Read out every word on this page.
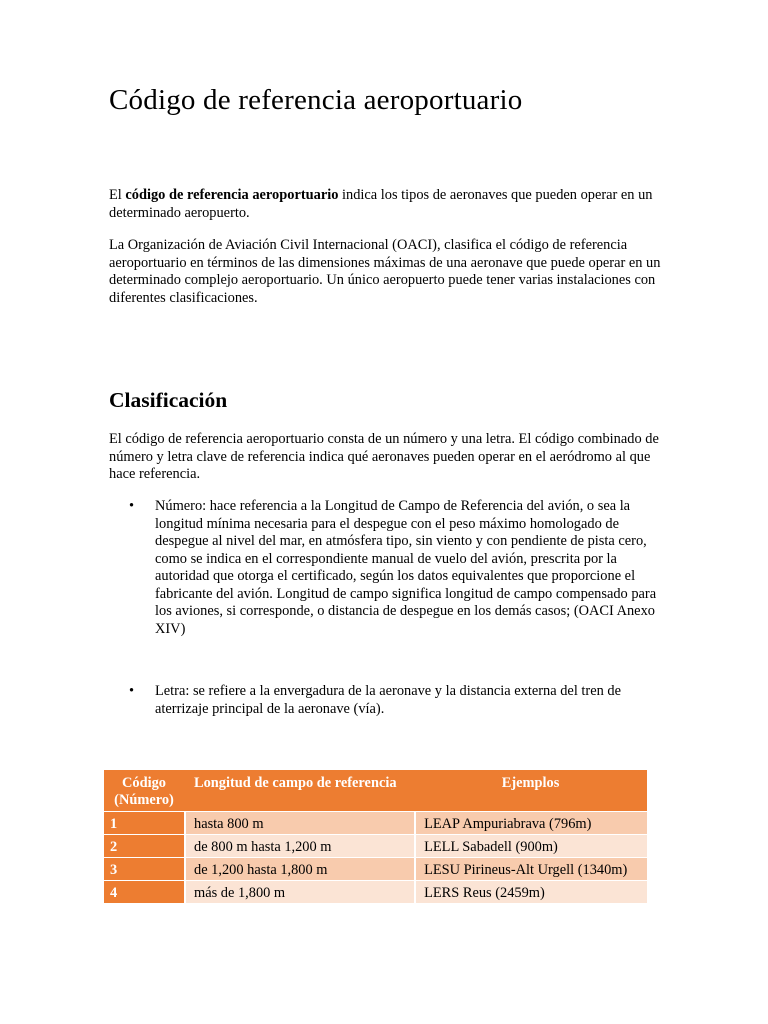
Código de referencia aeroportuario

El código de referencia aeroportuario indica los tipos de aeronaves que pueden operar en un determinado aeropuerto.

La Organización de Aviación Civil Internacional (OACI), clasifica el código de referencia aeroportuario en términos de las dimensiones máximas de una aeronave que puede operar en un determinado complejo aeroportuario. Un único aeropuerto puede tener varias instalaciones con diferentes clasificaciones.

Clasificación

El código de referencia aeroportuario consta de un número y una letra. El código combinado de número y letra clave de referencia indica qué aeronaves pueden operar en el aeródromo al que hace referencia.

• Número: hace referencia a la Longitud de Campo de Referencia del avión, o sea la longitud mínima necesaria para el despegue con el peso máximo homologado de despegue al nivel del mar, en atmósfera tipo, sin viento y con pendiente de pista cero, como se indica en el correspondiente manual de vuelo del avión, prescrita por la autoridad que otorga el certificado, según los datos equivalentes que proporcione el fabricante del avión. Longitud de campo significa longitud de campo compensado para los aviones, si corresponde, o distancia de despegue en los demás casos; (OACI Anexo XIV)
• Letra: se refiere a la envergadura de la aeronave y la distancia externa del tren de aterrizaje principal de la aeronave (vía).
Código (Número)	Longitud de campo de referencia	Ejemplos
1	hasta 800 m	LEAP Ampuriabrava (796m)
2	de 800 m hasta 1,200 m	LELL Sabadell (900m)
3	de 1,200 hasta 1,800 m	LESU Pirineus-Alt Urgell (1340m)
4	más de 1,800 m	LERS Reus (2459m)
